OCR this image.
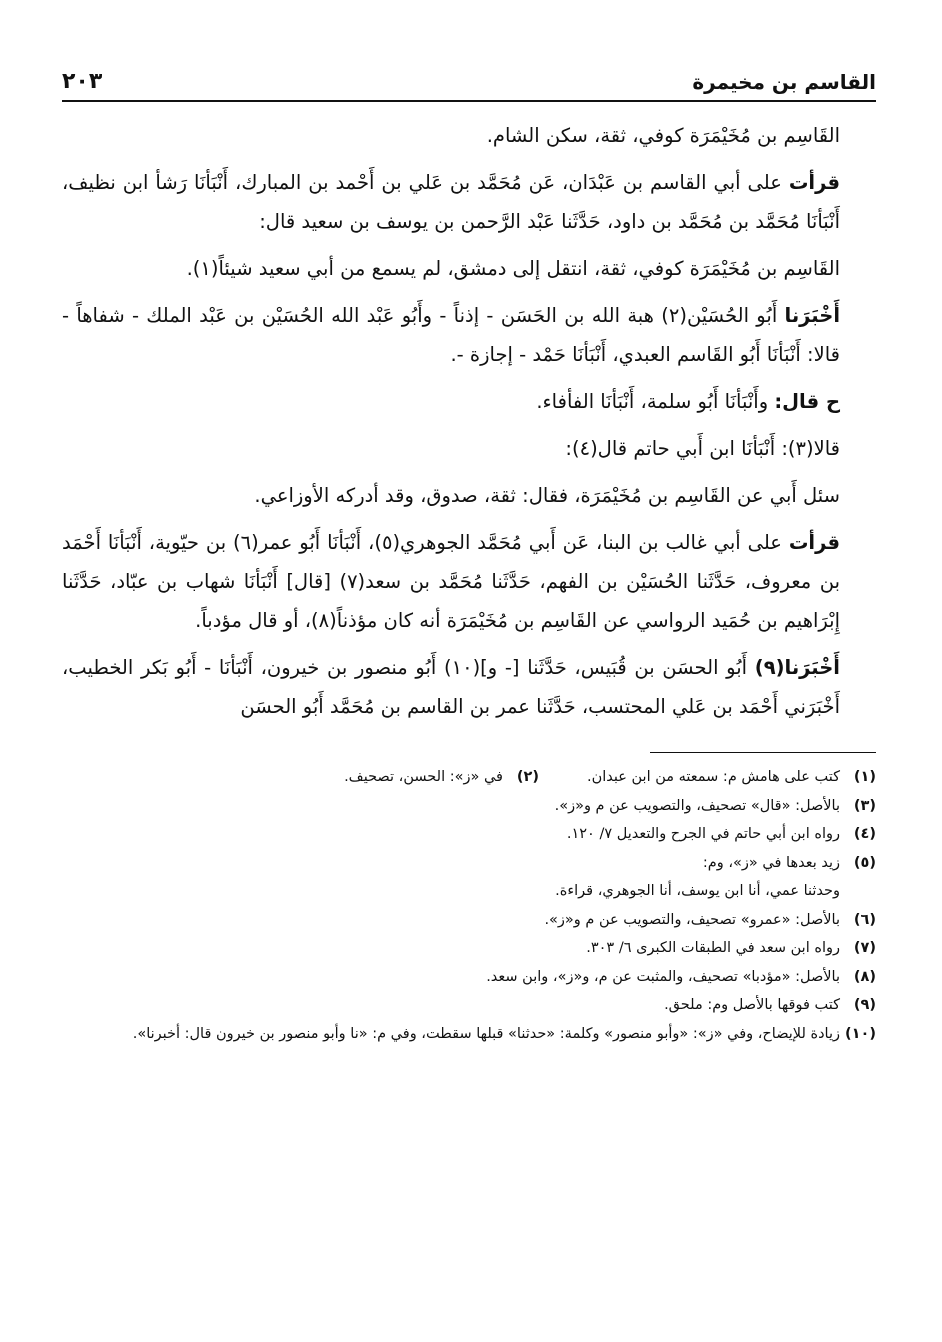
القاسم بن مخيمرة
٢٠٣

القَاسِم بن مُخَيْمَرَة كوفي، ثقة، سكن الشام.

قرأت على أبي القاسم بن عَبْدَان، عَن مُحَمَّد بن عَلي بن أَحْمد بن المبارك، أَنْبَأنَا رَشأ ابن نظيف، أَنْبَأنَا مُحَمَّد بن مُحَمَّد بن داود، حَدَّثَنا عَبْد الرَّحمن بن يوسف بن سعيد قال:

القَاسِم بن مُخَيْمَرَة كوفي، ثقة، انتقل إلى دمشق، لم يسمع من أبي سعيد شيئاً(١).

أَخْبَرَنا أَبُو الحُسَيْن(٢) هبة الله بن الحَسَن - إذناً - وأَبُو عَبْد الله الحُسَيْن بن عَبْد الملك - شفاهاً - قالا: أَنْبَأنَا أَبُو القَاسم العبدي، أَنْبَأنَا حَمْد - إجازة -.

ح قال: وأَنْبَأنَا أَبُو سلمة، أَنْبَأنَا الفأفاء.

قالا(٣): أَنْبَأنَا ابن أَبي حاتم قال(٤):

سئل أَبي عن القَاسِم بن مُخَيْمَرَة، فقال: ثقة، صدوق، وقد أدركه الأوزاعي.

قرأت على أبي غالب بن البنا، عَن أَبي مُحَمَّد الجوهري(٥)، أَنْبَأنَا أَبُو عمر(٦) بن حيّوية، أَنْبَأنَا أَحْمَد بن معروف، حَدَّثَنا الحُسَيْن بن الفهم، حَدَّثَنا مُحَمَّد بن سعد(٧) [قال] أَنْبَأنَا شهاب بن عبّاد، حَدَّثَنا إِبْرَاهيم بن حُمَيد الرواسي عن القَاسِم بن مُخَيْمَرَة أنه كان مؤذناً(٨)، أو قال مؤدباً.

أَخْبَرَنا(٩) أَبُو الحسَن بن قُبَيس، حَدَّثَنا [- و](١٠) أَبُو منصور بن خيرون، أَنْبَأنَا - أَبُو بَكر الخطيب، أَخْبَرَني أَحْمَد بن عَلي المحتسب، حَدَّثَنا عمر بن القاسم بن مُحَمَّد أَبُو الحسَن

(١)
كتب على هامش م: سمعته من ابن عبدان.
(٢)
في «ز»: الحسن، تصحيف.
(٣)
بالأصل: «قال» تصحيف، والتصويب عن م و«ز».
(٤)
رواه ابن أبي حاتم في الجرح والتعديل ٧/ ١٢٠.
(٥)
زيد بعدها في «ز»، وم:
وحدثنا عمي، أنا ابن يوسف، أنا الجوهري، قراءة.
(٦)
بالأصل: «عمرو» تصحيف، والتصويب عن م و«ز».
(٧)
رواه ابن سعد في الطبقات الكبرى ٦/ ٣٠٣.
(٨)
بالأصل: «مؤدبا» تصحيف، والمثبت عن م، و«ز»، وابن سعد.
(٩)
كتب فوقها بالأصل وم: ملحق.
(١٠)
زيادة للإيضاح، وفي «ز»: «وأبو منصور» وكلمة: «حدثنا» قبلها سقطت، وفي م: «نا وأبو منصور بن خيرون قال: أخبرنا».
